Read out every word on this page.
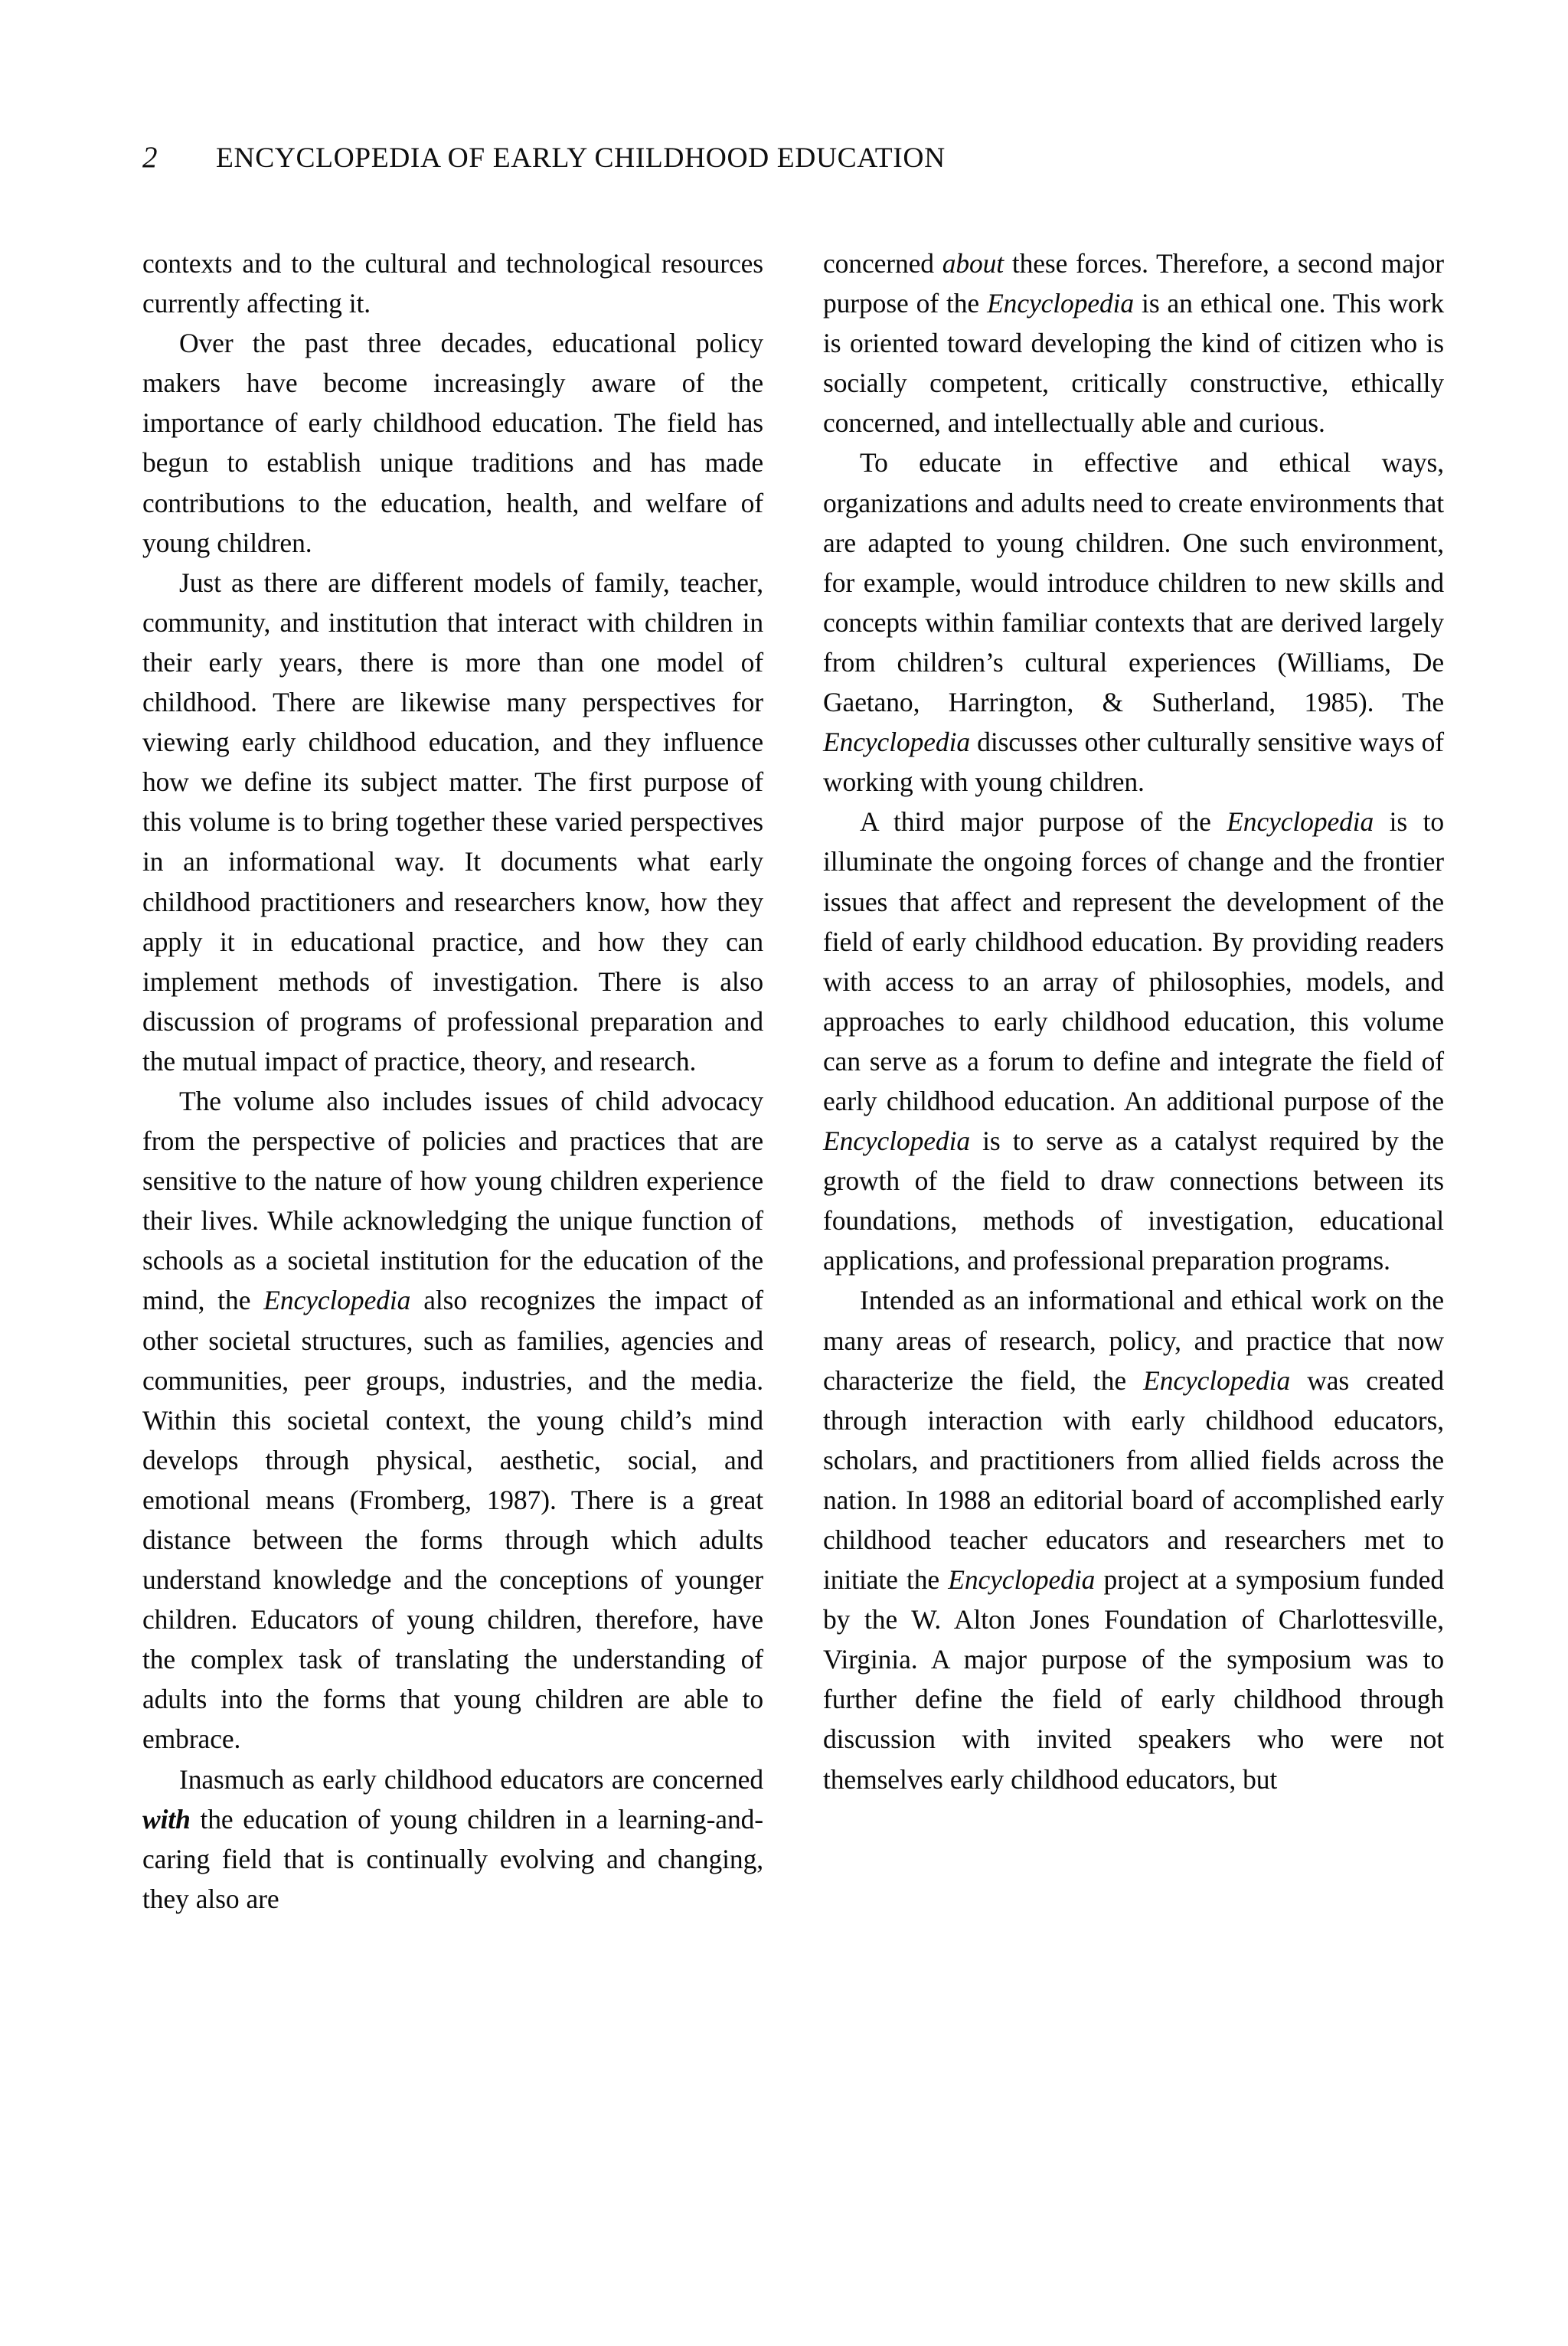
2	ENCYCLOPEDIA OF EARLY CHILDHOOD EDUCATION

contexts and to the cultural and technological resources currently affecting it.

Over the past three decades, educational policy makers have become increasingly aware of the importance of early childhood education. The field has begun to establish unique traditions and has made contributions to the education, health, and welfare of young children.

Just as there are different models of family, teacher, community, and institution that interact with children in their early years, there is more than one model of childhood. There are likewise many perspectives for viewing early childhood education, and they influence how we define its subject matter. The first purpose of this volume is to bring together these varied perspectives in an informational way. It documents what early childhood practitioners and researchers know, how they apply it in educational practice, and how they can implement methods of investigation. There is also discussion of programs of professional preparation and the mutual impact of practice, theory, and research.

The volume also includes issues of child advocacy from the perspective of policies and practices that are sensitive to the nature of how young children experience their lives. While acknowledging the unique function of schools as a societal institution for the education of the mind, the Encyclopedia also recognizes the impact of other societal structures, such as families, agencies and communities, peer groups, industries, and the media. Within this societal context, the young child’s mind develops through physical, aesthetic, social, and emotional means (Fromberg, 1987). There is a great distance between the forms through which adults understand knowledge and the conceptions of younger children. Educators of young children, therefore, have the complex task of translating the understanding of adults into the forms that young children are able to embrace.

Inasmuch as early childhood educators are concerned with the education of young children in a learning-and-caring field that is continually evolving and changing, they also are

concerned about these forces. Therefore, a second major purpose of the Encyclopedia is an ethical one. This work is oriented toward developing the kind of citizen who is socially competent, critically constructive, ethically concerned, and intellectually able and curious.

To educate in effective and ethical ways, organizations and adults need to create environments that are adapted to young children. One such environment, for example, would introduce children to new skills and concepts within familiar contexts that are derived largely from children’s cultural experiences (Williams, De Gaetano, Harrington, & Sutherland, 1985). The Encyclopedia discusses other culturally sensitive ways of working with young children.

A third major purpose of the Encyclopedia is to illuminate the ongoing forces of change and the frontier issues that affect and represent the development of the field of early childhood education. By providing readers with access to an array of philosophies, models, and approaches to early childhood education, this volume can serve as a forum to define and integrate the field of early childhood education. An additional purpose of the Encyclopedia is to serve as a catalyst required by the growth of the field to draw connections between its foundations, methods of investigation, educational applications, and professional preparation programs.

Intended as an informational and ethical work on the many areas of research, policy, and practice that now characterize the field, the Encyclopedia was created through interaction with early childhood educators, scholars, and practitioners from allied fields across the nation. In 1988 an editorial board of accomplished early childhood teacher educators and researchers met to initiate the Encyclopedia project at a symposium funded by the W. Alton Jones Foundation of Charlottesville, Virginia. A major purpose of the symposium was to further define the field of early childhood through discussion with invited speakers who were not themselves early childhood educators, but
